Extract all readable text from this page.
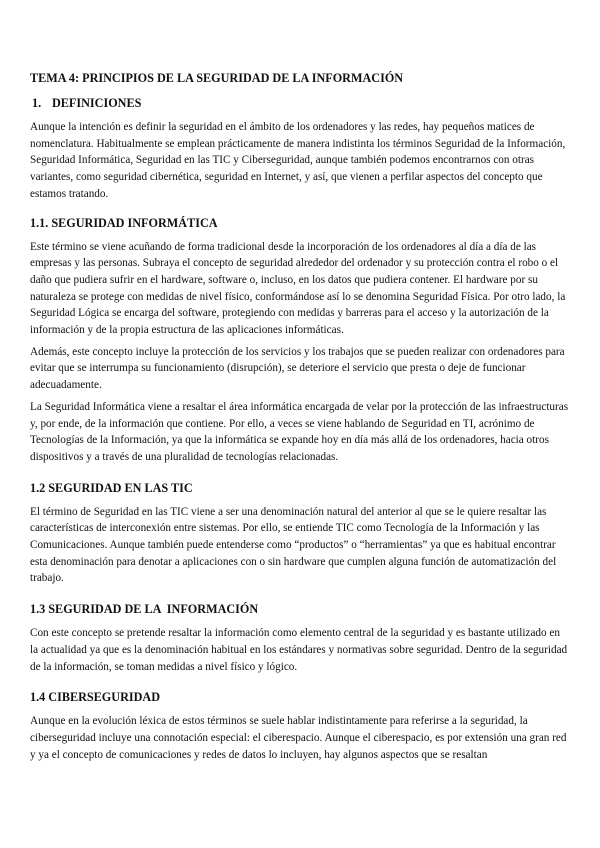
TEMA 4: PRINCIPIOS DE LA SEGURIDAD DE LA INFORMACIÓN
1. DEFINICIONES

Aunque la intención es definir la seguridad en el ámbito de los ordenadores y las redes, hay pequeños matices de nomenclatura. Habitualmente se emplean prácticamente de manera indistinta los términos Seguridad de la Información, Seguridad Informática, Seguridad en las TIC y Ciberseguridad, aunque también podemos encontrarnos con otras variantes, como seguridad cibernética, seguridad en Internet, y así, que vienen a perfilar aspectos del concepto que estamos tratando.

1.1. SEGURIDAD INFORMÁTICA

Este término se viene acuñando de forma tradicional desde la incorporación de los ordenadores al día a día de las empresas y las personas. Subraya el concepto de seguridad alrededor del ordenador y su protección contra el robo o el daño que pudiera sufrir en el hardware, software o, incluso, en los datos que pudiera contener. El hardware por su naturaleza se protege con medidas de nivel físico, conformándose así lo se denomina Seguridad Física. Por otro lado, la Seguridad Lógica se encarga del software, protegiendo con medidas y barreras para el acceso y la autorización de la información y de la propia estructura de las aplicaciones informáticas.

Además, este concepto incluye la protección de los servicios y los trabajos que se pueden realizar con ordenadores para evitar que se interrumpa su funcionamiento (disrupción), se deteriore el servicio que presta o deje de funcionar adecuadamente.

La Seguridad Informática viene a resaltar el área informática encargada de velar por la protección de las infraestructuras y, por ende, de la información que contiene. Por ello, a veces se viene hablando de Seguridad en TI, acrónimo de Tecnologías de la Información, ya que la informática se expande hoy en día más allá de los ordenadores, hacia otros dispositivos y a través de una pluralidad de tecnologías relacionadas.

1.2 SEGURIDAD EN LAS TIC

El término de Seguridad en las TIC viene a ser una denominación natural del anterior al que se le quiere resaltar las características de interconexión entre sistemas. Por ello, se entiende TIC como Tecnología de la Información y las Comunicaciones. Aunque también puede entenderse como “productos” o “herramientas” ya que es habitual encontrar esta denominación para denotar a aplicaciones con o sin hardware que cumplen alguna función de automatización del trabajo.

1.3 SEGURIDAD DE LA  INFORMACIÓN

Con este concepto se pretende resaltar la información como elemento central de la seguridad y es bastante utilizado en la actualidad ya que es la denominación habitual en los estándares y normativas sobre seguridad. Dentro de la seguridad de la información, se toman medidas a nivel físico y lógico.

1.4 CIBERSEGURIDAD

Aunque en la evolución léxica de estos términos se suele hablar indistintamente para referirse a la seguridad, la ciberseguridad incluye una connotación especial: el ciberespacio. Aunque el ciberespacio, es por extensión una gran red y ya el concepto de comunicaciones y redes de datos lo incluyen, hay algunos aspectos que se resaltan
